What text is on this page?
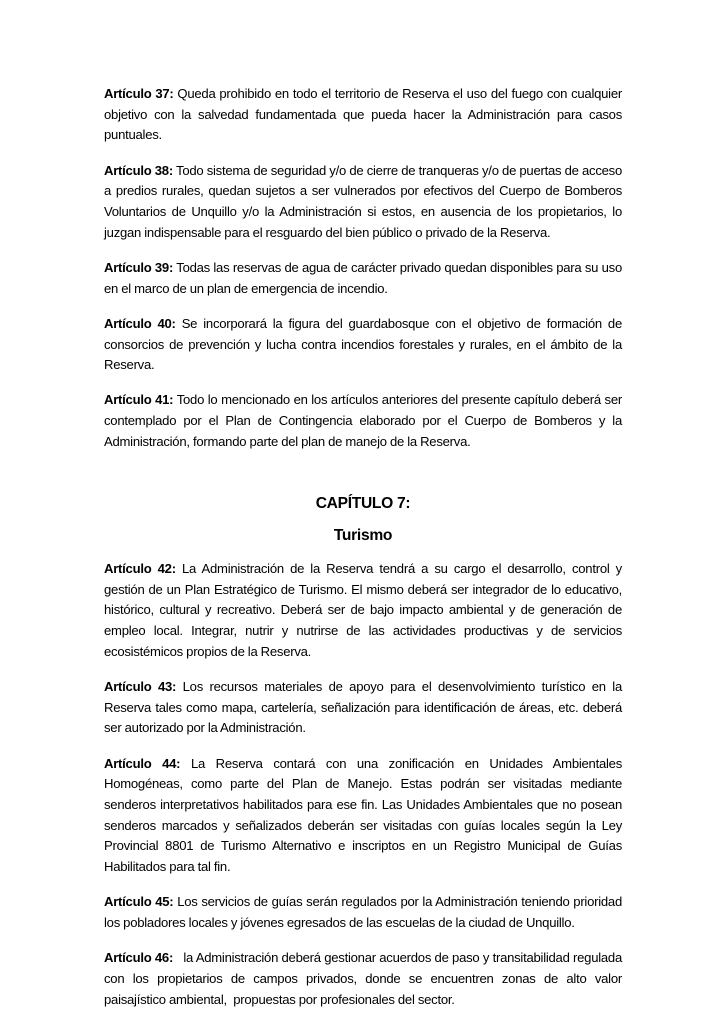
Artículo 37: Queda prohibido en todo el territorio de Reserva el uso del fuego con cualquier objetivo con la salvedad fundamentada que pueda hacer la Administración para casos puntuales.

Artículo 38: Todo sistema de seguridad y/o de cierre de tranqueras y/o de puertas de acceso a predios rurales, quedan sujetos a ser vulnerados por efectivos del Cuerpo de Bomberos Voluntarios de Unquillo y/o la Administración si estos, en ausencia de los propietarios, lo juzgan indispensable para el resguardo del bien público o privado de la Reserva.

Artículo 39: Todas las reservas de agua de carácter privado quedan disponibles para su uso en el marco de un plan de emergencia de incendio.

Artículo 40: Se incorporará la figura del guardabosque con el objetivo de formación de consorcios de prevención y lucha contra incendios forestales y rurales, en el ámbito de la Reserva.

Artículo 41: Todo lo mencionado en los artículos anteriores del presente capítulo deberá ser contemplado por el Plan de Contingencia elaborado por el Cuerpo de Bomberos y la Administración, formando parte del plan de manejo de la Reserva.

CAPÍTULO 7:
Turismo

Artículo 42: La Administración de la Reserva tendrá a su cargo el desarrollo, control y gestión de un Plan Estratégico de Turismo. El mismo deberá ser integrador de lo educativo, histórico, cultural y recreativo. Deberá ser de bajo impacto ambiental y de generación de empleo local. Integrar, nutrir y nutrirse de las actividades productivas y de servicios ecosistémicos propios de la Reserva.

Artículo 43: Los recursos materiales de apoyo para el desenvolvimiento turístico en la Reserva tales como mapa, cartelería, señalización para identificación de áreas, etc. deberá ser autorizado por la Administración.

Artículo 44: La Reserva contará con una zonificación en Unidades Ambientales Homogéneas, como parte del Plan de Manejo. Estas podrán ser visitadas mediante senderos interpretativos habilitados para ese fin. Las Unidades Ambientales que no posean senderos marcados y señalizados deberán ser visitadas con guías locales según la Ley Provincial 8801 de Turismo Alternativo e inscriptos en un Registro Municipal de Guías Habilitados para tal fin.

Artículo 45: Los servicios de guías serán regulados por la Administración teniendo prioridad los pobladores locales y jóvenes egresados de las escuelas de la ciudad de Unquillo.

Artículo 46:   la Administración deberá gestionar acuerdos de paso y transitabilidad regulada con los propietarios de campos privados, donde se encuentren zonas de alto valor paisajístico ambiental,  propuestas por profesionales del sector.
